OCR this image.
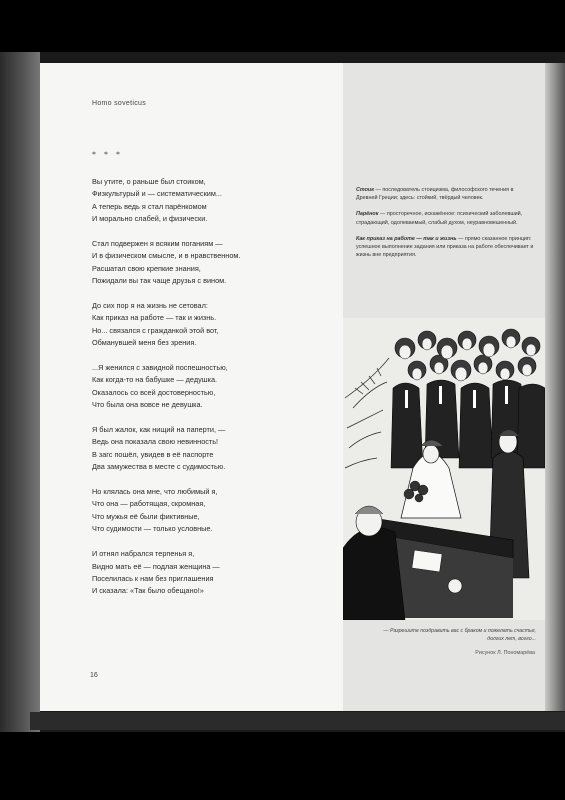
Homo soveticus
* * *
Вы утите, о раньше был стоиком,
Физкультурый и — систематическим...
А теперь ведь я стал парёнкомом
И морально слабей, и физически.
Стал подвержен я всяким поганиям —
И в физическом смысле, и в нравственном.
Расшатал свою крепкие знания,
Пожидали вы так чаще друзья с вином.
До сих пор я на жизнь не сетовал:
Как приказ на работе — так и жизнь.
Но... связался с гражданкой этой вот,
Обманувшей меня без зрения.
...Я женился с завидной поспешностью,
Как когда-то на бабушке — дедушка.
Оказалось со всей достоверностью,
Что была она вовсе не девушка.
Я был жалок, как нищий на паперти, —
Ведь она показала свою невинность!
В загс пошёл, увидев в её паспорте
Два замужества в месте с судимостью.
Но клялась она мне, что любимый я,
Что она — работящая, скромная,
Что мужья её были фиктивные,
Что судимости — только условные.
И отнял набрался терпенья я,
Видно мать её — подлая женщина —
Поселилась к нам без приглашения
И сказала: «Так было обещано!»
16
Стоик — последователь стоицизма, философского течения в Древней Греции; здесь: стойкий, твёрдый человек.
Парёнок — просторечное, искажённое: психический заболевший, страдающий, одолеваемый, слабый духом, неуравновешенный.
Как приказ на работе — так и жизнь — прямо сказанное принцип: успешное выполнение задания или приказа на работе обеспечивает и жизнь вне предприятия.
— Разрешите поздравить вас с браком и пожелать счастья, долгих лет, всего...
Рисунок Л. Пономарёва
